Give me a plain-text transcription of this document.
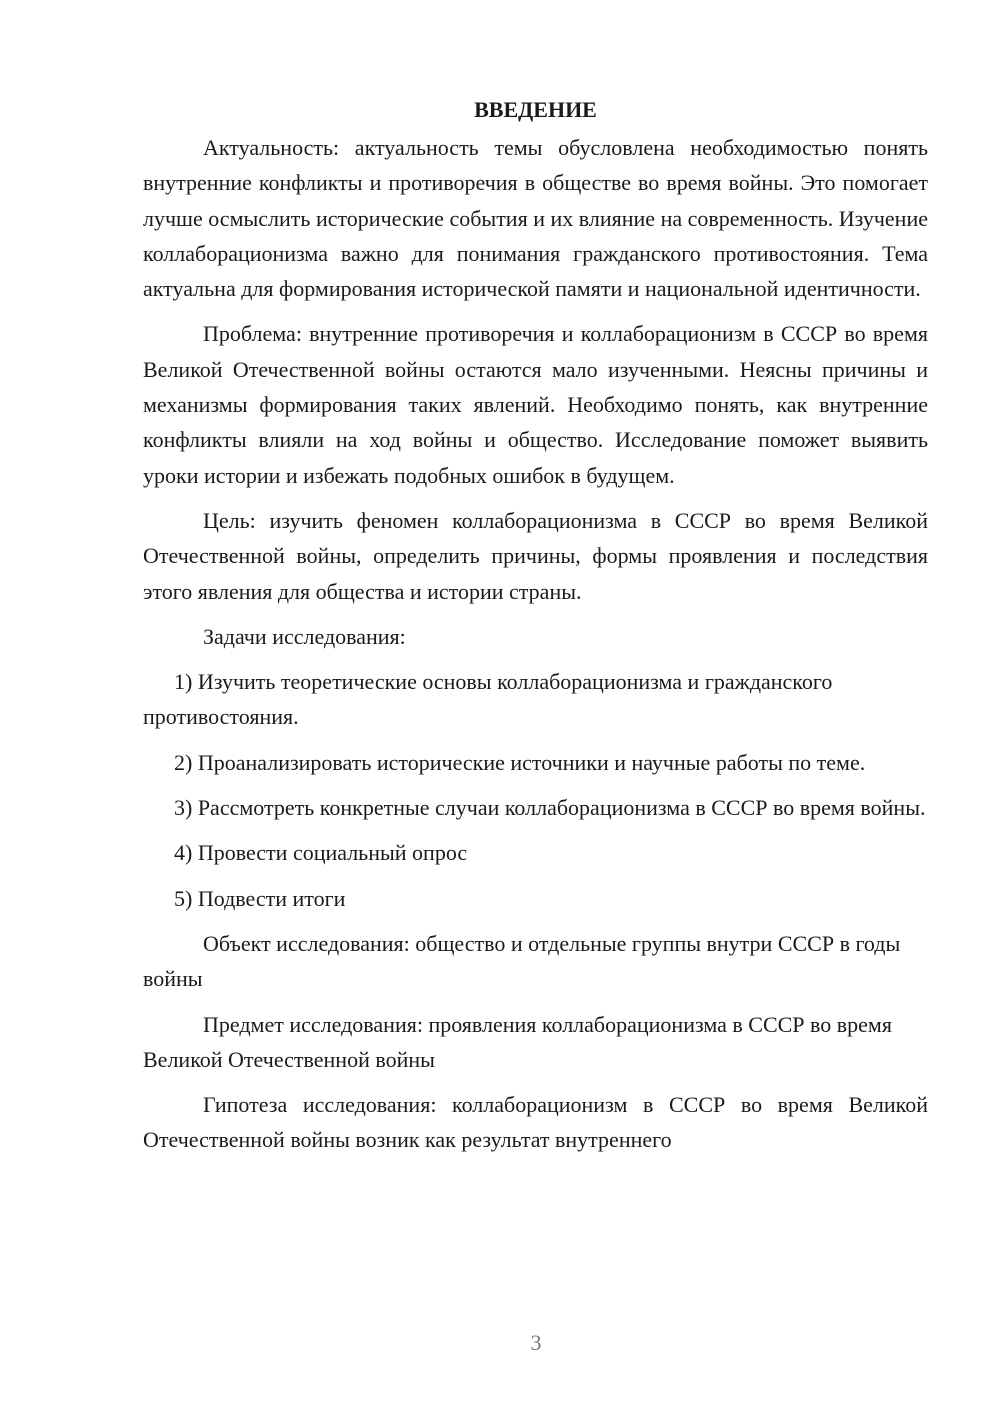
ВВЕДЕНИЕ

Актуальность: актуальность темы обусловлена необходимостью понять внутренние конфликты и противоречия в обществе во время войны. Это помогает лучше осмыслить исторические события и их влияние на современность. Изучение коллаборационизма важно для понимания гражданского противостояния. Тема актуальна для формирования исторической памяти и национальной идентичности.

Проблема: внутренние противоречия и коллаборационизм в СССР во время Великой Отечественной войны остаются мало изученными. Неясны причины и механизмы формирования таких явлений. Необходимо понять, как внутренние конфликты влияли на ход войны и общество. Исследование поможет выявить уроки истории и избежать подобных ошибок в будущем.

Цель: изучить феномен коллаборационизма в СССР во время Великой Отечественной войны, определить причины, формы проявления и последствия этого явления для общества и истории страны.

Задачи исследования:

1) Изучить теоретические основы коллаборационизма и гражданского противостояния.

2) Проанализировать исторические источники и научные работы по теме.

3) Рассмотреть конкретные случаи коллаборационизма в СССР во время войны.

4) Провести социальный опрос

5) Подвести итоги

Объект исследования: общество и отдельные группы внутри СССР в годы войны

Предмет исследования: проявления коллаборационизма в СССР во время Великой Отечественной войны

Гипотеза исследования: коллаборационизм в СССР во время Великой Отечественной войны возник как результат внутреннего

3
